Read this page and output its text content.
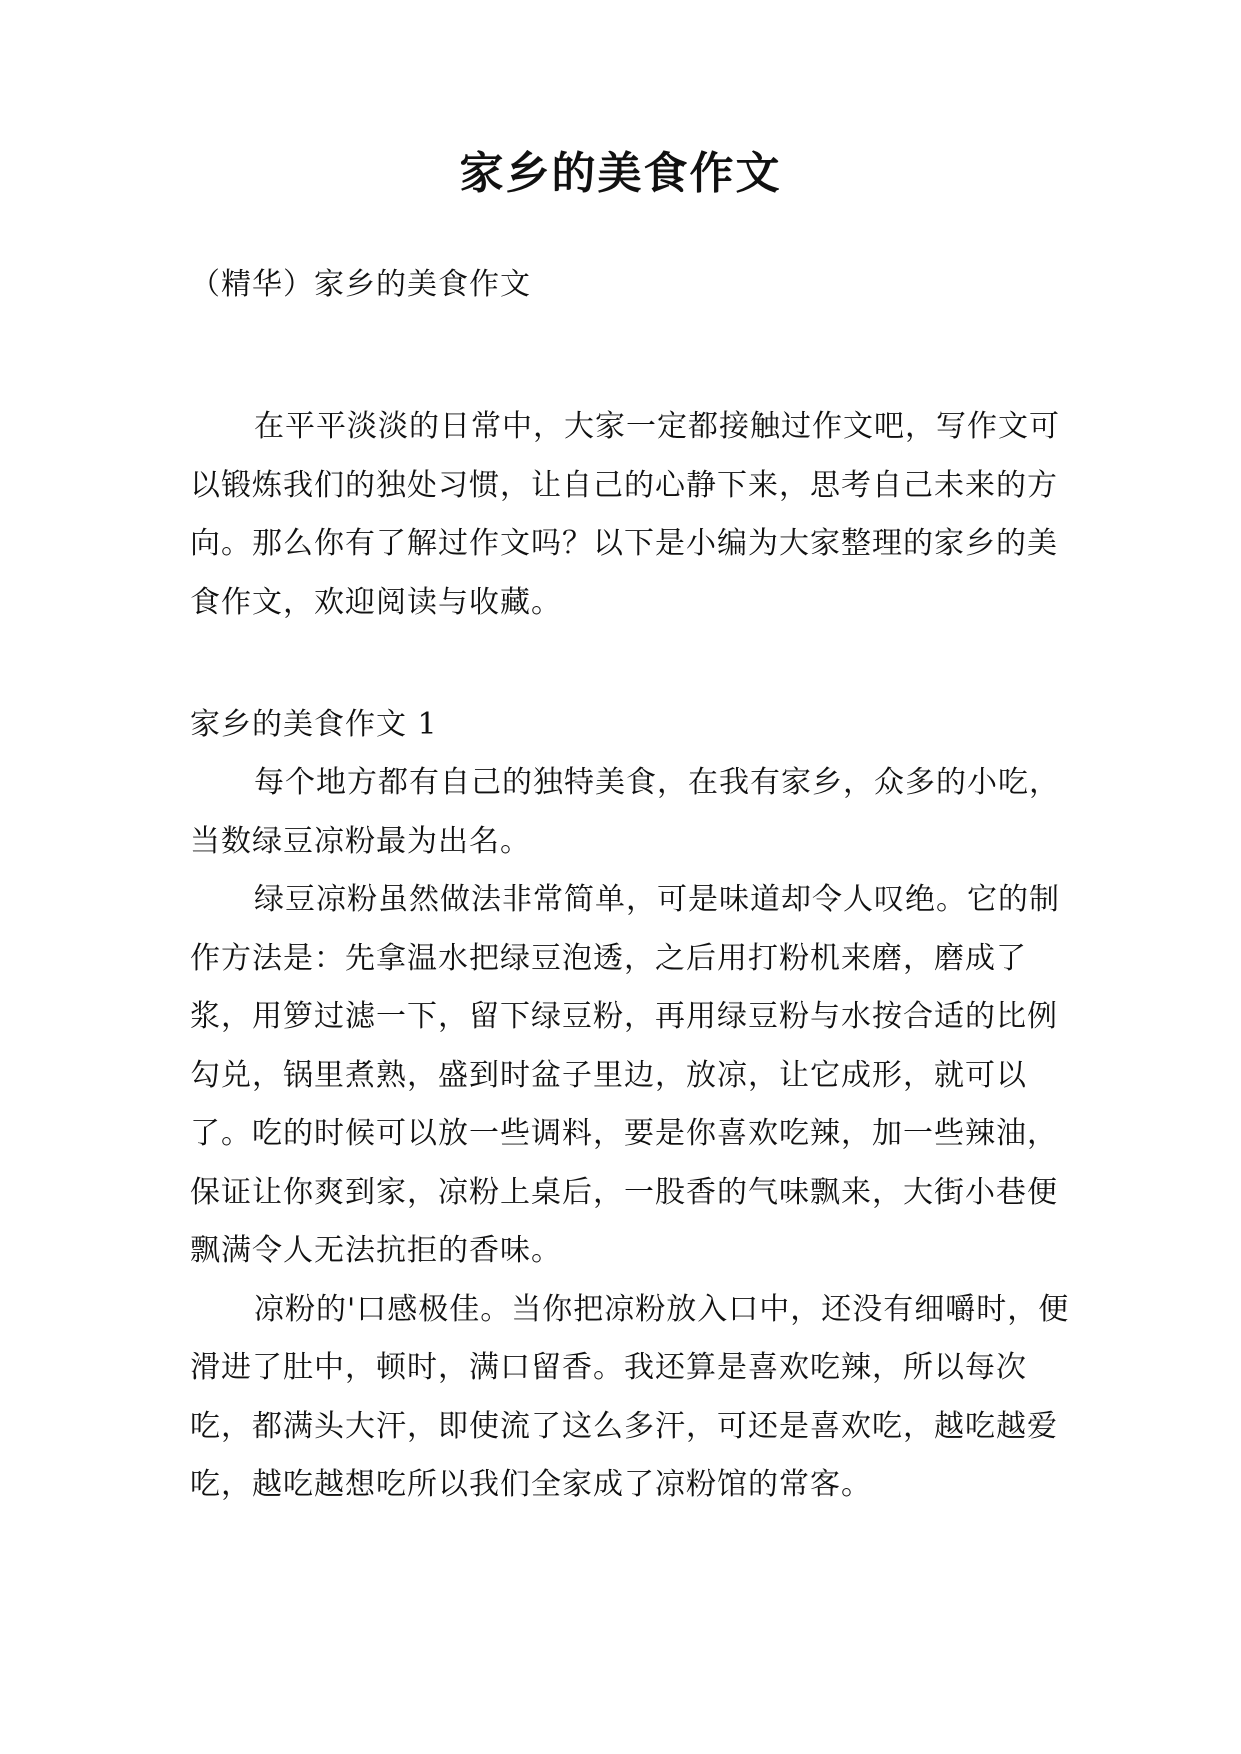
家乡的美食作文

（精华）家乡的美食作文

在平平淡淡的日常中，大家一定都接触过作文吧，写作文可以锻炼我们的独处习惯，让自己的心静下来，思考自己未来的方向。那么你有了解过作文吗？以下是小编为大家整理的家乡的美食作文，欢迎阅读与收藏。

家乡的美食作文 1

每个地方都有自己的独特美食，在我有家乡，众多的小吃，当数绿豆凉粉最为出名。

绿豆凉粉虽然做法非常简单，可是味道却令人叹绝。它的制作方法是：先拿温水把绿豆泡透，之后用打粉机来磨，磨成了浆，用箩过滤一下，留下绿豆粉，再用绿豆粉与水按合适的比例勾兑，锅里煮熟，盛到时盆子里边，放凉，让它成形，就可以了。吃的时候可以放一些调料，要是你喜欢吃辣，加一些辣油，保证让你爽到家，凉粉上桌后，一股香的气味飘来，大街小巷便飘满令人无法抗拒的香味。

凉粉的'口感极佳。当你把凉粉放入口中，还没有细嚼时，便滑进了肚中，顿时，满口留香。我还算是喜欢吃辣，所以每次吃，都满头大汗，即使流了这么多汗，可还是喜欢吃，越吃越爱吃，越吃越想吃所以我们全家成了凉粉馆的常客。
